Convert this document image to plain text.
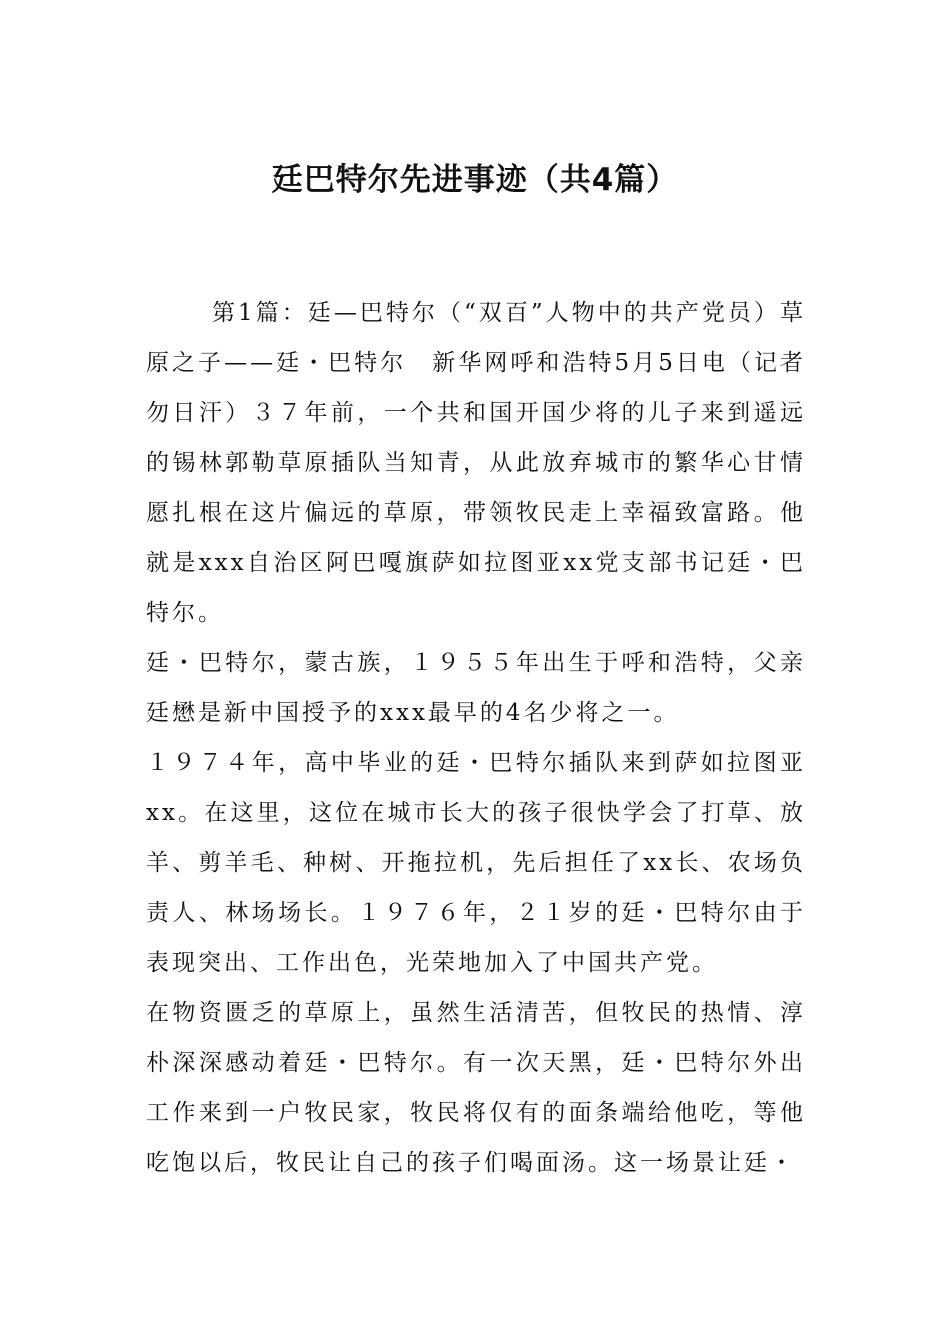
廷巴特尔先进事迹（共4篇）

第1篇：廷—巴特尔（“双百”人物中的共产党员）草原之子——廷・巴特尔　新华网呼和浩特5月5日电（记者勿日汗）３７年前，一个共和国开国少将的儿子来到遥远的锡林郭勒草原插队当知青，从此放弃城市的繁华心甘情愿扎根在这片偏远的草原，带领牧民走上幸福致富路。他就是xxx自治区阿巴嘎旗萨如拉图亚xx党支部书记廷・巴特尔。

廷・巴特尔，蒙古族，１９５５年出生于呼和浩特，父亲廷懋是新中国授予的xxx最早的4名少将之一。

１９７４年，高中毕业的廷・巴特尔插队来到萨如拉图亚xx。在这里，这位在城市长大的孩子很快学会了打草、放羊、剪羊毛、种树、开拖拉机，先后担任了xx长、农场负责人、林场场长。１９７６年，２１岁的廷・巴特尔由于表现突出、工作出色，光荣地加入了中国共产党。

在物资匮乏的草原上，虽然生活清苦，但牧民的热情、淳朴深深感动着廷・巴特尔。有一次天黑，廷・巴特尔外出工作来到一户牧民家，牧民将仅有的面条端给他吃，等他吃饱以后，牧民让自己的孩子们喝面汤。这一场景让廷・
